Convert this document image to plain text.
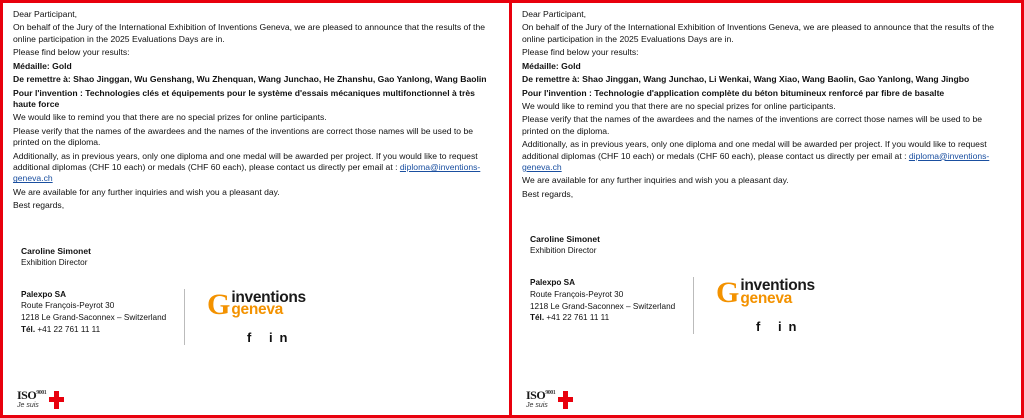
Dear Participant,

On behalf of the Jury of the International Exhibition of Inventions Geneva, we are pleased to announce that the results of the online participation in the 2025 Evaluations Days are in.

Please find below your results:

Médaille: Gold

De remettre à: Shao Jinggan, Wu Genshang, Wu Zhenquan, Wang Junchao, He Zhanshu, Gao Yanlong, Wang Baolin

Pour l'invention : Technologies clés et équipements pour le système d'essais mécaniques multifonctionnel à très haute force

We would like to remind you that there are no special prizes for online participants.

Please verify that the names of the awardees and the names of the inventions are correct those names will be used to be printed on the diploma.

Additionally, as in previous years, only one diploma and one medal will be awarded per project. If you would like to request additional diplomas (CHF 10 each) or medals (CHF 60 each), please contact us directly per email at : diploma@inventions-geneva.ch

We are available for any further inquiries and wish you a pleasant day.

Best regards,

Caroline Simonet
Exhibition Director
Palexpo SA
Route François-Peyrot 30
1218 Le Grand-Saconnex – Switzerland
Tél. +41 22 761 11 11
G inventions
geneva
f in
$ISO^{9001}$
Je suis

Dear Participant,

On behalf of the Jury of the International Exhibition of Inventions Geneva, we are pleased to announce that the results of the online participation in the 2025 Evaluations Days are in.

Please find below your results:

Médaille: Gold

De remettre à: Shao Jinggan, Wang Junchao, Li Wenkai, Wang Xiao, Wang Baolin, Gao Yanlong, Wang Jingbo

Pour l'invention : Technologie d'application complète du béton bitumineux renforcé par fibre de basalte

We would like to remind you that there are no special prizes for online participants.

Please verify that the names of the awardees and the names of the inventions are correct those names will be used to be printed on the diploma.

Additionally, as in previous years, only one diploma and one medal will be awarded per project. If you would like to request additional diplomas (CHF 10 each) or medals (CHF 60 each), please contact us directly per email at : diploma@inventions-geneva.ch

We are available for any further inquiries and wish you a pleasant day.

Best regards,

Caroline Simonet
Exhibition Director
Palexpo SA
Route François-Peyrot 30
1218 Le Grand-Saconnex – Switzerland
Tél. +41 22 761 11 11
G inventions
geneva
f in
$ISO^{9001}$
Je suis
